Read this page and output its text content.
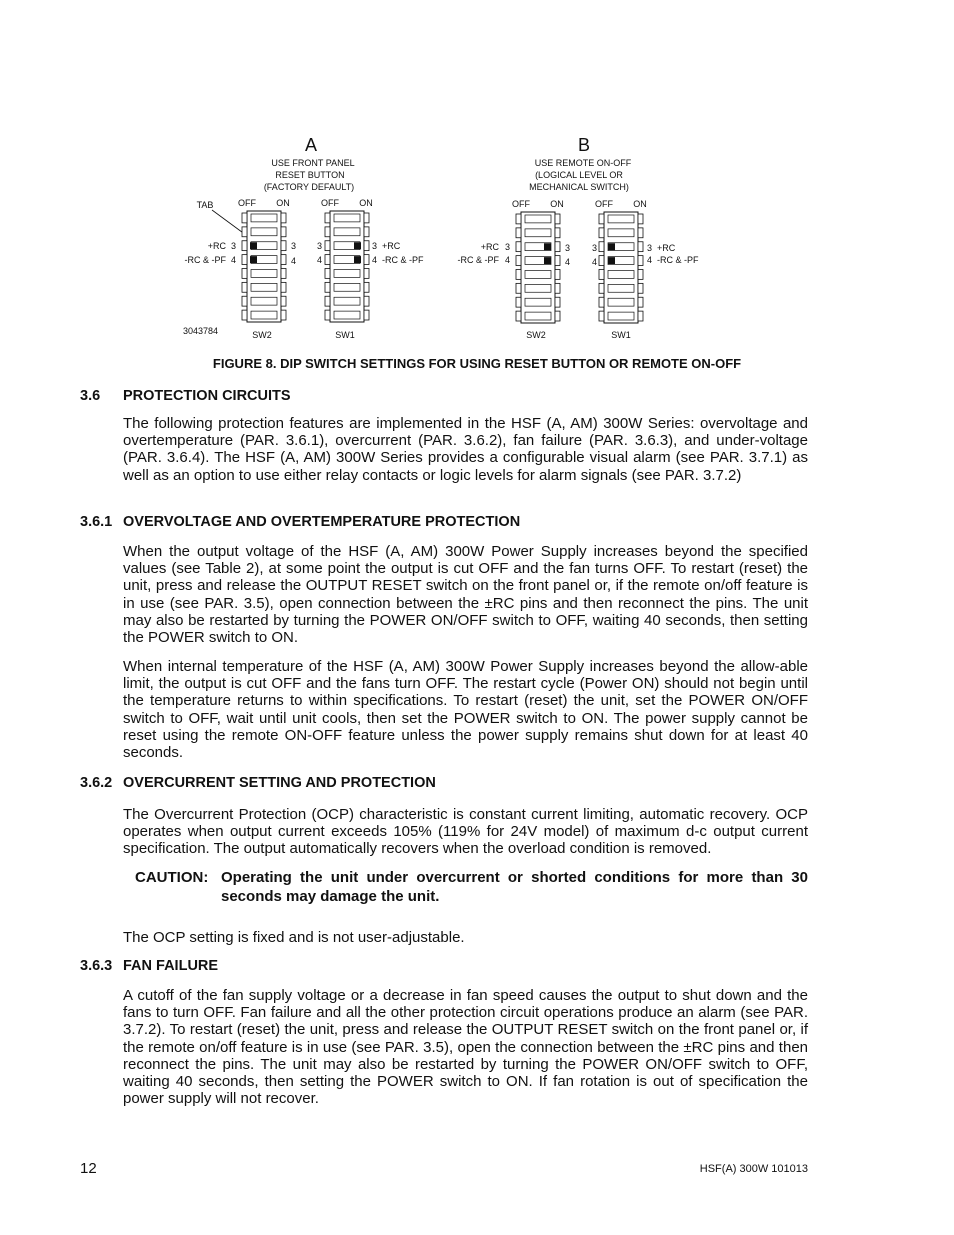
A
USE FRONT PANEL
RESET BUTTON
(FACTORY DEFAULT)
B
USE REMOTE ON-OFF
(LOGICAL LEVEL OR
MECHANICAL SWITCH)
TAB	OFF ON	OFF ON	OFF ON	OFF ON
+RC 3	3
-RC & -PF 4	4
3	3 +RC
4	4 -RC & -PF
+RC 3	3
-RC & -PF 4	4
3	3 +RC
4	4 -RC & -PF
3043784	SW2	SW1	SW2	SW1
FIGURE 8. DIP SWITCH SETTINGS FOR USING RESET BUTTON OR REMOTE ON-OFF
3.6 PROTECTION CIRCUITS

The following protection features are implemented in the HSF (A, AM) 300W Series: overvoltage and overtemperature (PAR. 3.6.1), overcurrent (PAR. 3.6.2), fan failure (PAR. 3.6.3), and under-voltage (PAR. 3.6.4). The HSF (A, AM) 300W Series provides a configurable visual alarm (see PAR. 3.7.1) as well as an option to use either relay contacts or logic levels for alarm signals (see PAR. 3.7.2)

3.6.1 OVERVOLTAGE AND OVERTEMPERATURE PROTECTION

When the output voltage of the HSF (A, AM) 300W Power Supply increases beyond the specified values (see Table 2), at some point the output is cut OFF and the fan turns OFF. To restart (reset) the unit, press and release the OUTPUT RESET switch on the front panel or, if the remote on/off feature is in use (see PAR. 3.5), open connection between the ±RC pins and then reconnect the pins. The unit may also be restarted by turning the POWER ON/OFF switch to OFF, waiting 40 seconds, then setting the POWER switch to ON.

When internal temperature of the HSF (A, AM) 300W Power Supply increases beyond the allow-able limit, the output is cut OFF and the fans turn OFF. The restart cycle (Power ON) should not begin until the temperature returns to within specifications. To restart (reset) the unit, set the POWER ON/OFF switch to OFF, wait until unit cools, then set the POWER switch to ON. The power supply cannot be reset using the remote ON-OFF feature unless the power supply remains shut down for at least 40 seconds.

3.6.2 OVERCURRENT SETTING AND PROTECTION

The Overcurrent Protection (OCP) characteristic is constant current limiting, automatic recovery. OCP operates when output current exceeds 105% (119% for 24V model) of maximum d-c output current specification. The output automatically recovers when the overload condition is removed.

CAUTION: Operating the unit under overcurrent or shorted conditions for more than 30 seconds may damage the unit.

The OCP setting is fixed and is not user-adjustable.

3.6.3 FAN FAILURE

A cutoff of the fan supply voltage or a decrease in fan speed causes the output to shut down and the fans to turn OFF. Fan failure and all the other protection circuit operations produce an alarm (see PAR. 3.7.2). To restart (reset) the unit, press and release the OUTPUT RESET switch on the front panel or, if the remote on/off feature is in use (see PAR. 3.5), open the connection between the ±RC pins and then reconnect the pins. The unit may also be restarted by turning the POWER ON/OFF switch to OFF, waiting 40 seconds, then setting the POWER switch to ON. If fan rotation is out of specification the power supply will not recover.

12	HSF(A) 300W 101013
